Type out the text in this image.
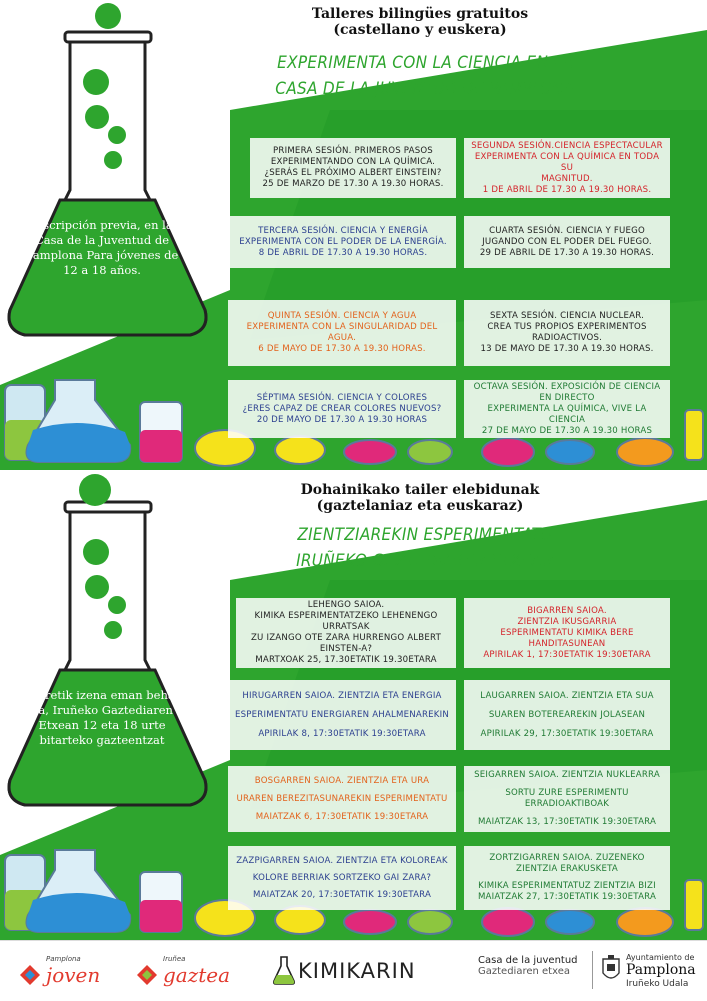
Talleres bilingües gratuitos
(castellano y euskera)
EXPERIMENTA CON LA CIENCIA EN LA
CASA DE LA JUVENTUD DE PAMPLONA
Inscripción previa, en la Casa de la Juventud de Pamplona Para jóvenes de 12 a 18 años.
PRIMERA SESIÓN. PRIMEROS PASOS
EXPERIMENTANDO CON LA QUÍMICA.
¿SERÁS EL PRÓXIMO ALBERT EINSTEIN?
25 DE MARZO DE 17.30 A 19.30 HORAS.
SEGUNDA SESIÓN.CIENCIA ESPECTACULAR
EXPERIMENTA CON LA QUÍMICA EN TODA SU
MAGNITUD.
1 DE ABRIL DE 17.30 A 19.30 HORAS.
TERCERA SESIÓN. CIENCIA Y ENERGÍA
EXPERIMENTA CON EL PODER DE LA ENERGÍA.
8 DE ABRIL DE 17.30 A 19.30 HORAS.
CUARTA SESIÓN. CIENCIA Y FUEGO
JUGANDO CON EL PODER DEL FUEGO.
29 DE ABRIL DE 17.30 A 19.30 HORAS.
QUINTA SESIÓN. CIENCIA Y AGUA
EXPERIMENTA CON LA SINGULARIDAD DEL AGUA.
6 DE MAYO DE 17.30 A 19.30 HORAS.
SEXTA SESIÓN. CIENCIA NUCLEAR.
CREA TUS PROPIOS EXPERIMENTOS RADIOACTIVOS.
13 DE MAYO DE 17.30 A 19.30 HORAS.
SÉPTIMA SESIÓN. CIENCIA Y COLORES
¿ERES CAPAZ DE CREAR COLORES NUEVOS?
20 DE MAYO DE 17.30 A 19.30 HORAS
OCTAVA SESIÓN. EXPOSICIÓN DE CIENCIA EN DIRECTO
EXPERIMENTA LA QUÍMICA, VIVE LA CIENCIA
27 DE MAYO DE 17.30 A 19.30 HORAS
Dohainikako tailer elebidunak
(gaztelaniaz eta euskaraz)
ZIENTZIAREKIN ESPERIMENTATU
IRUÑEKO GAZTEDIAREN ETXEAN
Aurretik izena eman behar da, Iruñeko Gaztediaren Etxean 12 eta 18 urte bitarteko gazteentzat
LEHENGO SAIOA.
KIMIKA ESPERIMENTATZEKO LEHENENGO URRATSAK
ZU IZANGO OTE ZARA HURRENGO ALBERT EINSTEN-A?
MARTXOAK 25, 17.30ETATIK 19.30ETARA
BIGARREN SAIOA.
ZIENTZIA IKUSGARRIA
ESPERIMENTATU KIMIKA BERE HANDITASUNEAN
APIRILAK 1, 17:30ETATIK 19:30ETARA
HIRUGARREN SAIOA. ZIENTZIA ETA ENERGIA
ESPERIMENTATU ENERGIAREN AHALMENAREKIN
APIRILAK 8, 17:30ETATIK 19:30ETARA
LAUGARREN SAIOA. ZIENTZIA ETA SUA
SUAREN BOTEREAREKIN JOLASEAN
APIRILAK 29, 17:30ETATIK 19:30ETARA
BOSGARREN SAIOA. ZIENTZIA ETA URA
URAREN BEREZITASUNAREKIN ESPERIMENTATU
MAIATZAK 6, 17:30ETATIK 19:30ETARA
SEIGARREN SAIOA. ZIENTZIA NUKLEARRA
SORTU ZURE ESPERIMENTU ERRADIOAKTIBOAK
MAIATZAK 13, 17:30ETATIK 19:30ETARA
ZAZPIGARREN SAIOA. ZIENTZIA ETA KOLOREAK
KOLORE BERRIAK SORTZEKO GAI ZARA?
MAIATZAK 20, 17:30ETATIK 19:30ETARA
ZORTZIGARREN SAIOA. ZUZENEKO ZIENTZIA ERAKUSKETA
KIMIKA ESPERIMENTATUZ ZIENTZIA BIZI
MAIATZAK 27, 17:30ETATIK 19:30ETARA
Pamplona
joven
Iruñea
gaztea	KIMIKARIN	Casa de la juventud
Gaztediaren etxea
Ayuntamiento de
Pamplona
Iruñeko Udala
